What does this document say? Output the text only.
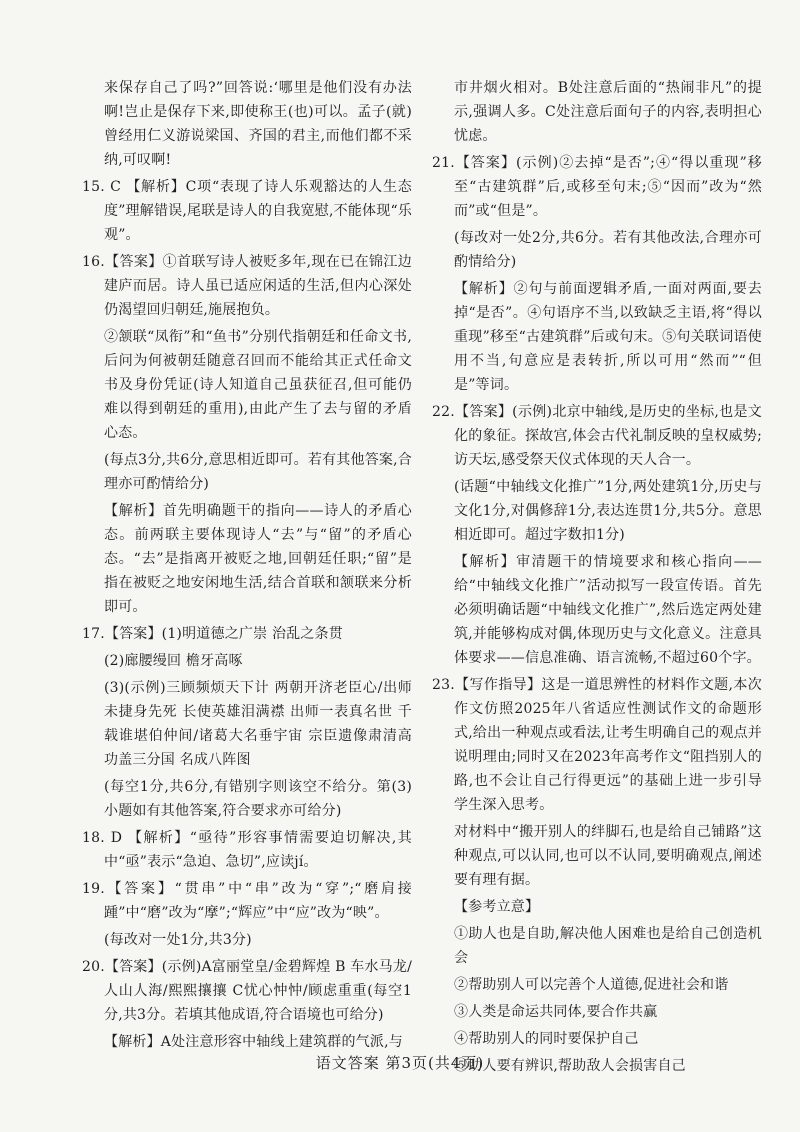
来保存自己了吗?”回答说:‘哪里是他们没有办法啊!岂止是保存下来,即使称王(也)可以。孟子(就)曾经用仁义游说梁国、齐国的君主,而他们都不采纳,可叹啊!

15. C 【解析】C项“表现了诗人乐观豁达的人生态度”理解错误,尾联是诗人的自我宽慰,不能体现“乐观”。

16.【答案】①首联写诗人被贬多年,现在已在锦江边建庐而居。诗人虽已适应闲适的生活,但内心深处仍渴望回归朝廷,施展抱负。

②颔联“凤衔”和“鱼书”分别代指朝廷和任命文书,后问为何被朝廷随意召回而不能给其正式任命文书及身份凭证(诗人知道自己虽获征召,但可能仍难以得到朝廷的重用),由此产生了去与留的矛盾心态。

(每点3分,共6分,意思相近即可。若有其他答案,合理亦可酌情给分)

【解析】首先明确题干的指向——诗人的矛盾心态。前两联主要体现诗人“去”与“留”的矛盾心态。“去”是指离开被贬之地,回朝廷任职;“留”是指在被贬之地安闲地生活,结合首联和颔联来分析即可。

17.【答案】(1)明道德之广崇 治乱之条贯

(2)廊腰缦回 檐牙高啄

(3)(示例)三顾频烦天下计 两朝开济老臣心/出师未捷身先死 长使英雄泪满襟 出师一表真名世 千载谁堪伯仲间/诸葛大名垂宇宙 宗臣遗像肃清高 功盖三分国 名成八阵图

(每空1分,共6分,有错别字则该空不给分。第(3)小题如有其他答案,符合要求亦可给分)

18. D 【解析】“亟待”形容事情需要迫切解决,其中“亟”表示“急迫、急切”,应读jí。

19.【答案】“贯串”中“串”改为“穿”;“磨肩接踵”中“磨”改为“摩”;“辉应”中“应”改为“映”。

(每改对一处1分,共3分)

20.【答案】(示例)A富丽堂皇/金碧辉煌 B 车水马龙/人山人海/熙熙攘攘 C忧心忡忡/顾虑重重(每空1分,共3分。若填其他成语,符合语境也可给分)

【解析】A处注意形容中轴线上建筑群的气派,与

市井烟火相对。B处注意后面的“热闹非凡”的提示,强调人多。C处注意后面句子的内容,表明担心忧虑。

21.【答案】(示例)②去掉“是否”;④“得以重现”移至“古建筑群”后,或移至句末;⑤“因而”改为“然而”或“但是”。

(每改对一处2分,共6分。若有其他改法,合理亦可酌情给分)

【解析】②句与前面逻辑矛盾,一面对两面,要去掉“是否”。④句语序不当,以致缺乏主语,将“得以重现”移至“古建筑群”后或句末。⑤句关联词语使用不当,句意应是表转折,所以可用“然而”“但是”等词。

22.【答案】(示例)北京中轴线,是历史的坐标,也是文化的象征。探故宫,体会古代礼制反映的皇权威势;访天坛,感受祭天仪式体现的天人合一。

(话题“中轴线文化推广”1分,两处建筑1分,历史与文化1分,对偶修辞1分,表达连贯1分,共5分。意思相近即可。超过字数扣1分)

【解析】审清题干的情境要求和核心指向——给“中轴线文化推广”活动拟写一段宣传语。首先必须明确话题“中轴线文化推广”,然后选定两处建筑,并能够构成对偶,体现历史与文化意义。注意具体要求——信息准确、语言流畅,不超过60个字。

23.【写作指导】这是一道思辨性的材料作文题,本次作文仿照2025年八省适应性测试作文的命题形式,给出一种观点或看法,让考生明确自己的观点并说明理由;同时又在2023年高考作文“阻挡别人的路,也不会让自己行得更远”的基础上进一步引导学生深入思考。

对材料中“搬开别人的绊脚石,也是给自己铺路”这种观点,可以认同,也可以不认同,要明确观点,阐述要有理有据。

【参考立意】

①助人也是自助,解决他人困难也是给自己创造机会

②帮助别人可以完善个人道德,促进社会和谐

③人类是命运共同体,要合作共赢

④帮助别人的同时要保护自己

⑤助人要有辨识,帮助敌人会损害自己

语文答案 第3页(共4页)
